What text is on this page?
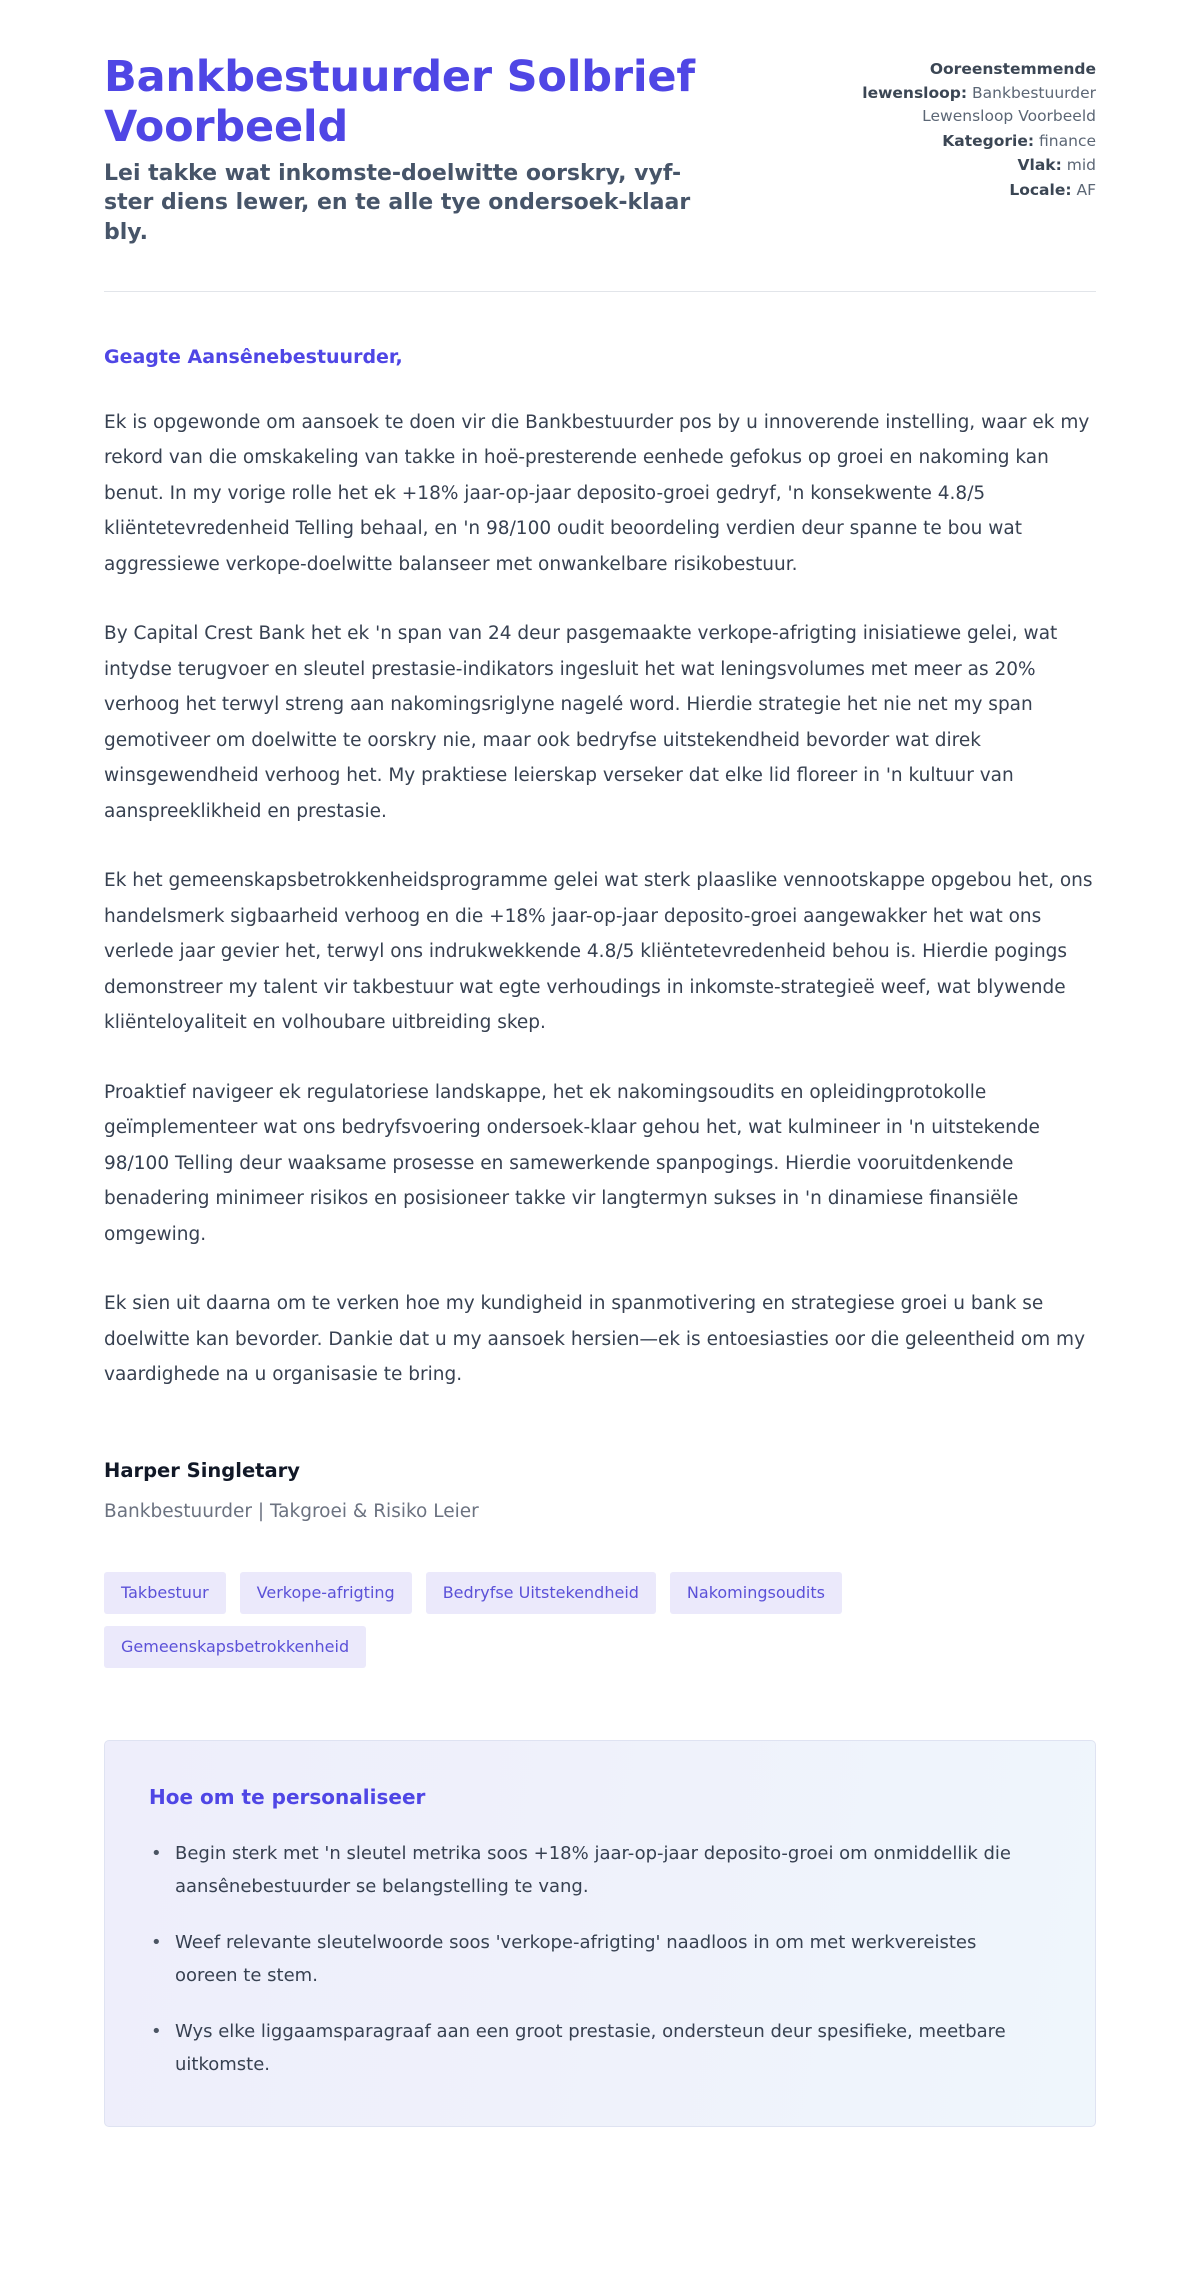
Bankbestuurder Solbrief Voorbeeld

Lei takke wat inkomste-doelwitte oorskry, vyf-ster diens lewer, en te alle tye ondersoek-klaar bly.

Ooreenstemmende lewensloop: Bankbestuurder Lewensloop Voorbeeld
Kategorie: finance
Vlak: mid
Locale: AF

Geagte Aansênebestuurder,

Ek is opgewonde om aansoek te doen vir die Bankbestuurder pos by u innoverende instelling, waar ek my rekord van die omskakeling van takke in hoë-presterende eenhede gefokus op groei en nakoming kan benut. In my vorige rolle het ek +18% jaar-op-jaar deposito-groei gedryf, 'n konsekwente 4.8/5 kliëntetevredenheid Telling behaal, en 'n 98/100 oudit beoordeling verdien deur spanne te bou wat aggressiewe verkope-doelwitte balanseer met onwankelbare risikobestuur.

By Capital Crest Bank het ek 'n span van 24 deur pasgemaakte verkope-afrigting inisiatiewe gelei, wat intydse terugvoer en sleutel prestasie-indikators ingesluit het wat leningsvolumes met meer as 20% verhoog het terwyl streng aan nakomingsriglyne nagelé word. Hierdie strategie het nie net my span gemotiveer om doelwitte te oorskry nie, maar ook bedryfse uitstekendheid bevorder wat direk winsgewendheid verhoog het. My praktiese leierskap verseker dat elke lid floreer in 'n kultuur van aanspreeklikheid en prestasie.

Ek het gemeenskapsbetrokkenheidsprogramme gelei wat sterk plaaslike vennootskappe opgebou het, ons handelsmerk sigbaarheid verhoog en die +18% jaar-op-jaar deposito-groei aangewakker het wat ons verlede jaar gevier het, terwyl ons indrukwekkende 4.8/5 kliëntetevredenheid behou is. Hierdie pogings demonstreer my talent vir takbestuur wat egte verhoudings in inkomste-strategieë weef, wat blywende kliënteloyaliteit en volhoubare uitbreiding skep.

Proaktief navigeer ek regulatoriese landskappe, het ek nakomingsoudits en opleidingprotokolle geïmplementeer wat ons bedryfsvoering ondersoek-klaar gehou het, wat kulmineer in 'n uitstekende 98/100 Telling deur waaksame prosesse en samewerkende spanpogings. Hierdie vooruitdenkende benadering minimeer risikos en posisioneer takke vir langtermyn sukses in 'n dinamiese finansiële omgewing.

Ek sien uit daarna om te verken hoe my kundigheid in spanmotivering en strategiese groei u bank se doelwitte kan bevorder. Dankie dat u my aansoek hersien—ek is entoesiasties oor die geleentheid om my vaardighede na u organisasie te bring.

Harper Singletary

Bankbestuurder | Takgroei & Risiko Leier

Takbestuur	Verkope-afrigting	Bedryfse Uitstekendheid	Nakomingsoudits
Gemeenskapsbetrokkenheid
Hoe om te personaliseer
• Begin sterk met 'n sleutel metrika soos +18% jaar-op-jaar deposito-groei om onmiddellik die aansênebestuurder se belangstelling te vang.
• Weef relevante sleutelwoorde soos 'verkope-afrigting' naadloos in om met werkvereistes ooreen te stem.
• Wys elke liggaamsparagraaf aan een groot prestasie, ondersteun deur spesifieke, meetbare uitkomste.
